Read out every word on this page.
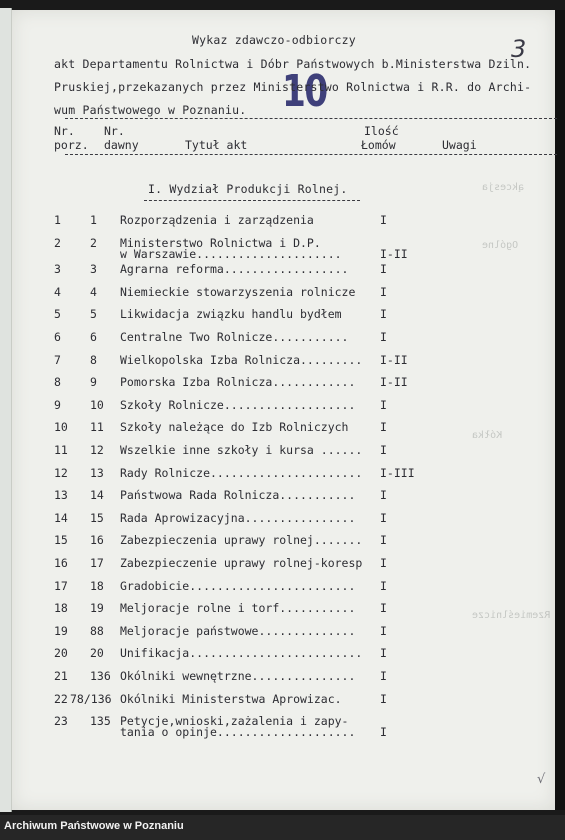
3
10
Wykaz zdawczo-odbiorczy
akt Departamentu Rolnictwa i Dóbr Państwowych b.Ministerstwa Dziln.
Pruskiej,przekazanych przez Ministerstwo Rolnictwa i R.R. do Archi-
wum Państwowego w Poznaniu.
Nr.	Nr.	Ilość
porz. dawny	Tytuł akt	Łomów	Uwagi
I. Wydział Produkcji Rolnej.	ąkcesja
Ogólne
Kółka
Rzemieślnicze
1	1 Rozporządzenia i zarządzenia	I
2	2 Ministerstwo Rolnictwa i D.P.
w Warszawie.....................	I-II
3	3 Agrarna reforma..................	I
4	4 Niemieckie stowarzyszenia rolnicze I
5	5 Likwidacja związku handlu bydłem	I
6	6 Centralne Two Rolnicze...........	I
7	8 Wielkopolska Izba Rolnicza......... I-II
8	9 Pomorska Izba Rolnicza............ I-II
9	10 Szkoły Rolnicze................... I
10 11 Szkoły należące do Izb Rolniczych	I
11 12 Wszelkie inne szkoły i kursa ...... I
12 13 Rady Rolnicze...................... I-III
13 14 Państwowa Rada Rolnicza........... I
14 15 Rada Aprowizacyjna................ I
15 16 Zabezpieczenia uprawy rolnej....... I
16 17 Zabezpieczenie uprawy rolnej-koresp I
17 18 Gradobicie........................ I
18 19 Meljoracje rolne i torf........... I
19 88 Meljoracje państwowe.............. I
20 20 Unifikacja......................... I
21 136 Okólniki wewnętrzne............... I
22 78/136 Okólniki Ministerstwa Aprowizac.	I
23 135 Petycje,wnioski,zażalenia i zapy-
tania o opinje.................... I
√
Archiwum Państwowe w Poznaniu
